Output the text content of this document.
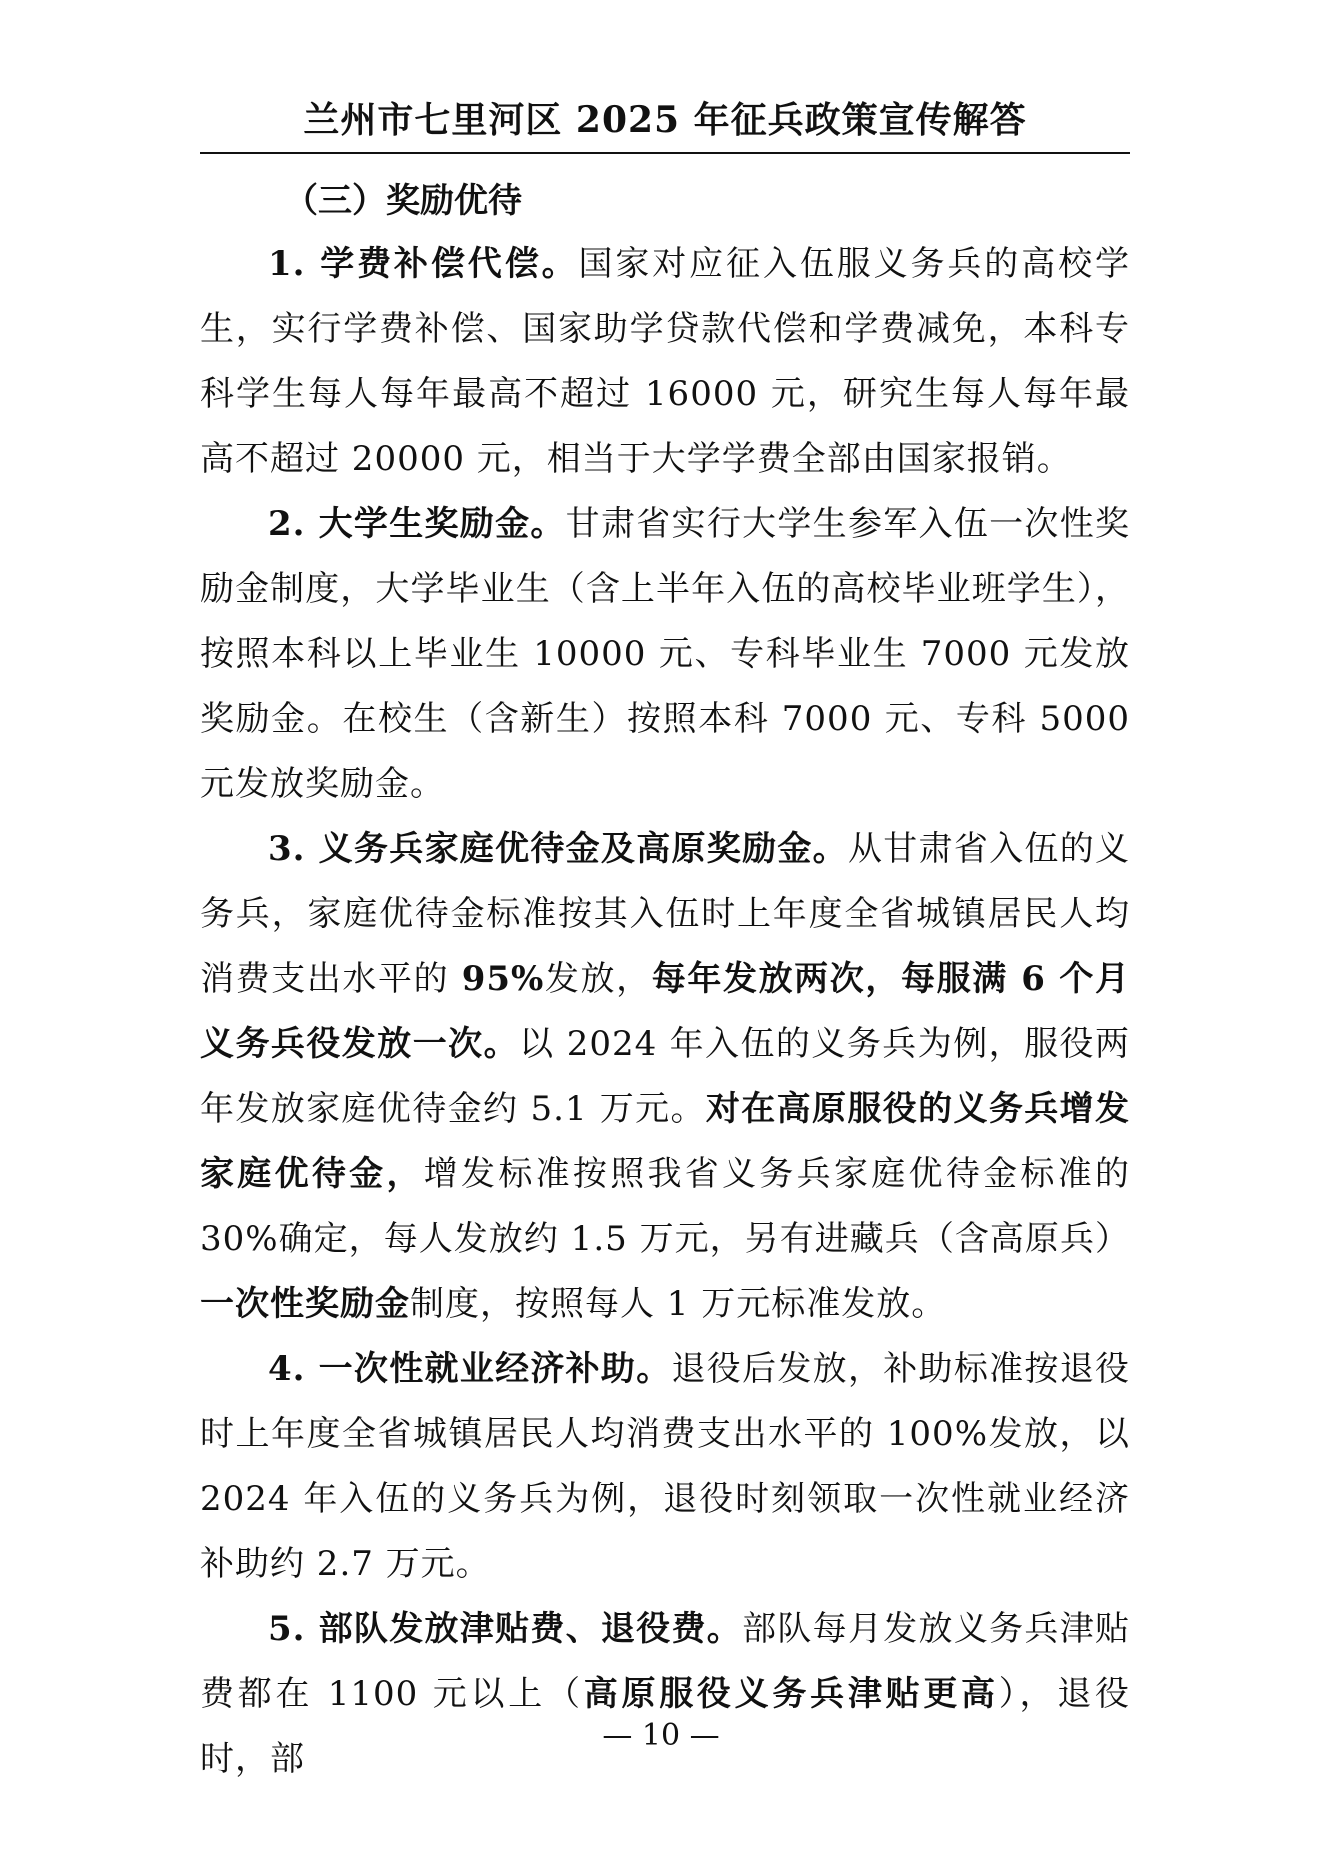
兰州市七里河区 2025 年征兵政策宣传解答

（三）奖励优待

1. 学费补偿代偿。国家对应征入伍服义务兵的高校学生，实行学费补偿、国家助学贷款代偿和学费减免，本科专科学生每人每年最高不超过 16000 元，研究生每人每年最高不超过 20000 元，相当于大学学费全部由国家报销。

2. 大学生奖励金。甘肃省实行大学生参军入伍一次性奖励金制度，大学毕业生（含上半年入伍的高校毕业班学生），按照本科以上毕业生 10000 元、专科毕业生 7000 元发放奖励金。在校生（含新生）按照本科 7000 元、专科 5000 元发放奖励金。

3. 义务兵家庭优待金及高原奖励金。从甘肃省入伍的义务兵，家庭优待金标准按其入伍时上年度全省城镇居民人均消费支出水平的 95%发放，每年发放两次，每服满 6 个月义务兵役发放一次。以 2024 年入伍的义务兵为例，服役两年发放家庭优待金约 5.1 万元。对在高原服役的义务兵增发家庭优待金，增发标准按照我省义务兵家庭优待金标准的 30%确定，每人发放约 1.5 万元，另有进藏兵（含高原兵）一次性奖励金制度，按照每人 1 万元标准发放。

4. 一次性就业经济补助。退役后发放，补助标准按退役时上年度全省城镇居民人均消费支出水平的 100%发放，以 2024 年入伍的义务兵为例，退役时刻领取一次性就业经济补助约 2.7 万元。

5. 部队发放津贴费、退役费。部队每月发放义务兵津贴费都在 1100 元以上（高原服役义务兵津贴更高），退役时，部

— 10 —
